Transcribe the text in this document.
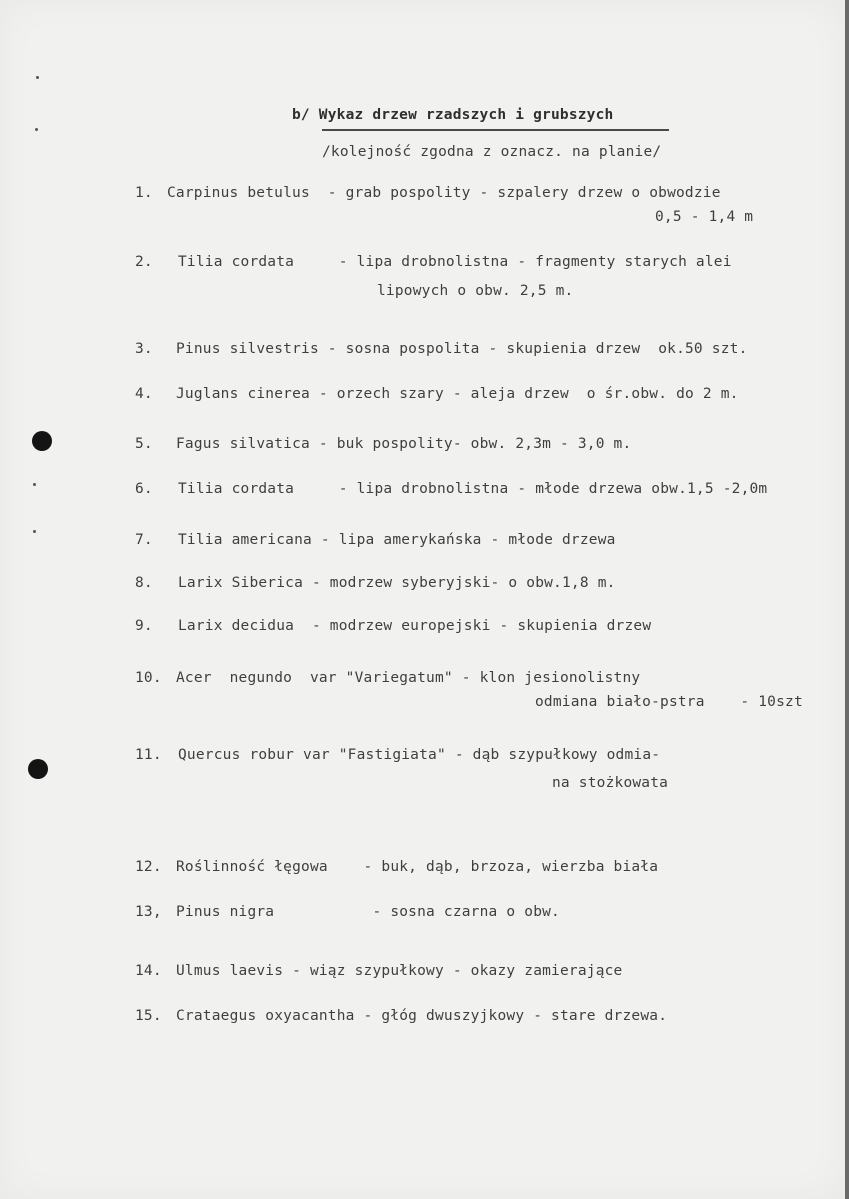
b/ Wykaz drzew rzadszych i grubszych
/kolejność zgodna z oznacz. na planie/
1. Carpinus betulus  - grab pospolity - szpalery drzew o obwodzie
0,5 - 1,4 m
2. Tilia cordata     - lipa drobnolistna - fragmenty starych alei
lipowych o obw. 2,5 m.
3. Pinus silvestris - sosna pospolita - skupienia drzew  ok.50 szt.
4. Juglans cinerea - orzech szary - aleja drzew  o śr.obw. do 2 m.
5. Fagus silvatica - buk pospolity- obw. 2,3m - 3,0 m.
6. Tilia cordata     - lipa drobnolistna - młode drzewa obw.1,5 -2,0m
7. Tilia americana - lipa amerykańska - młode drzewa
8. Larix Siberica - modrzew syberyjski- o obw.1,8 m.
9. Larix decidua  - modrzew europejski - skupienia drzew
10. Acer  negundo  var "Variegatum" - klon jesionolistny
odmiana biało-pstra    - 10szt
11. Quercus robur var "Fastigiata" - dąb szypułkowy odmia-
na stożkowata
12. Roślinność łęgowa    - buk, dąb, brzoza, wierzba biała
13, Pinus nigra           - sosna czarna o obw.
14. Ulmus laevis - wiąz szypułkowy - okazy zamierające
15. Crataegus oxyacantha - głóg dwuszyjkowy - stare drzewa.
